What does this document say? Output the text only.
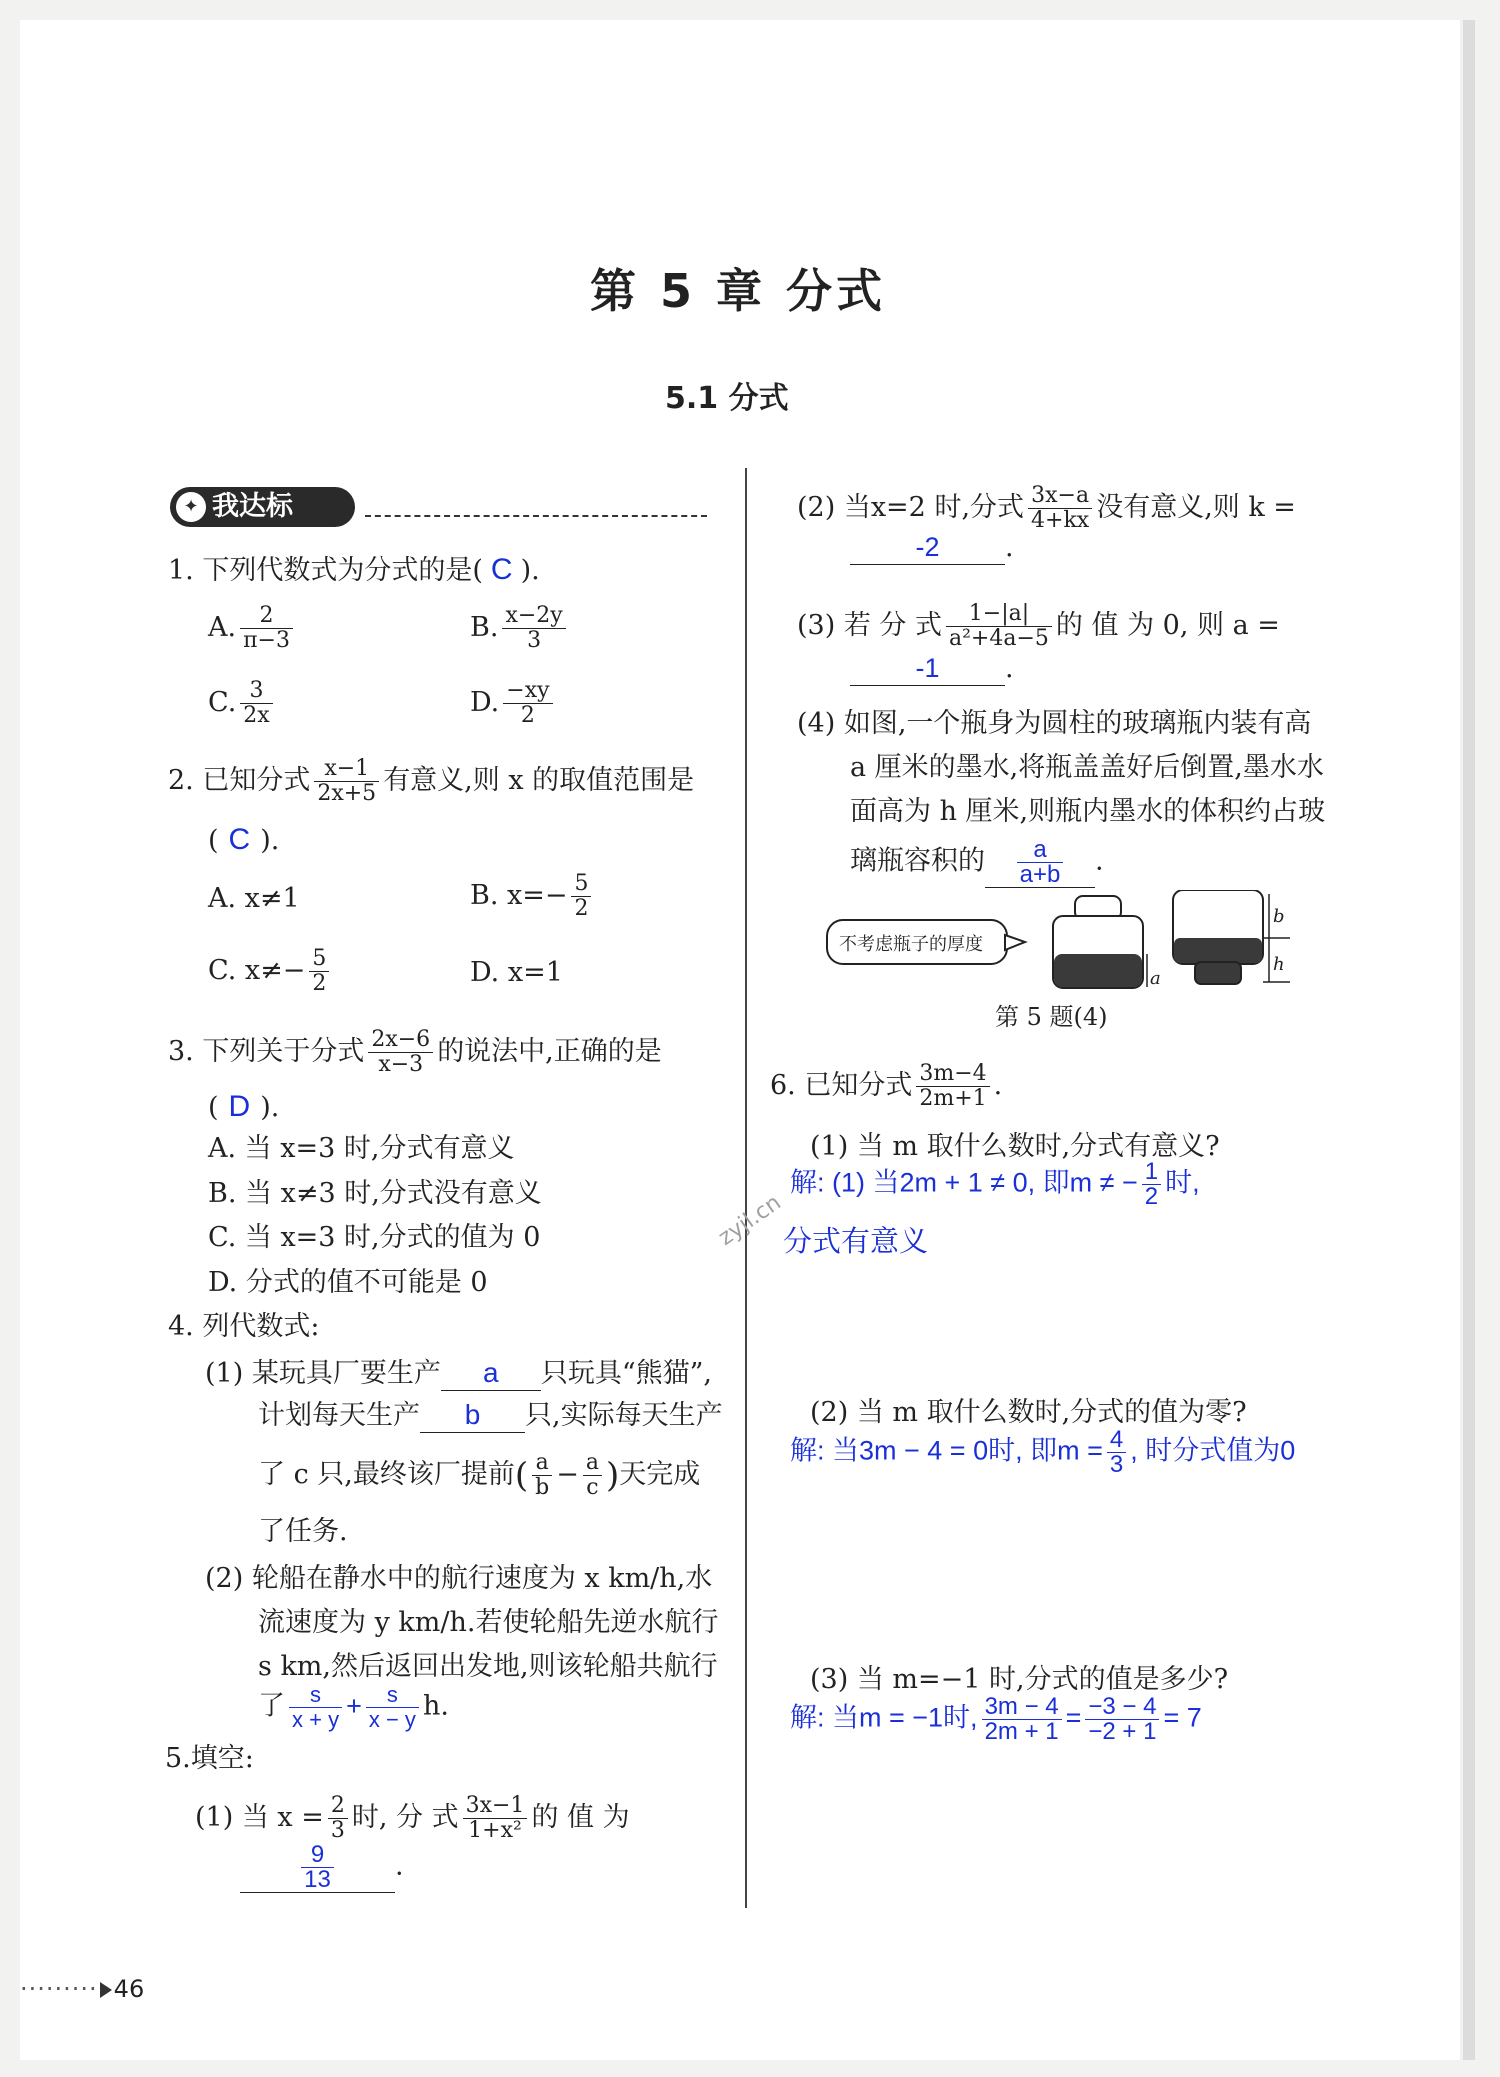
第 5 章 分式
5.1 分式
✦ 我达标
1. 下列代数式为分式的是( C ).
A. $\frac{2}{\pi-3}$	B. $\frac{x-2y}{3}$
C. $\frac{3}{2x}$	D. $\frac{-xy}{2}$
2. 已知分式 $\frac{x-1}{2x+5}$ 有意义,则 x 的取值范围是
( C ).
A. x≠1	B. $x=- \frac{5}{2}$
C. $x\ne- \frac{5}{2}$	D. x=1
3. 下列关于分式 $\frac{2x-6}{x-3}$ 的说法中,正确的是
( D ).
A. 当 x=3 时,分式有意义
B. 当 x≠3 时,分式没有意义
C. 当 x=3 时,分式的值为 0
D. 分式的值不可能是 0
4. 列代数式:
(1) 某玩具厂要生产 a 只玩具“熊猫”,
计划每天生产 b 只,实际每天生产
了 c 只,最终该厂提前( $\frac{a}{b} - \frac{a}{c}$ )天完成
了任务.
(2) 轮船在静水中的航行速度为 x km/h,水
流速度为 y km/h.若使轮船先逆水航行
s km,然后返回出发地,则该轮船共航行
了 $\frac{s}{x + y} + \frac{s}{x - y} h$.
5.填空:
(1) 当 $x = \frac{2}{3}$ 时, 分 式 $\frac{3x-1}{\text{1+x²}}$ 的 值 为
$\frac{9}{13}$ .
(2) 当x=2 时,分式 $\frac{3x-a}{4+kx}$ 没有意义,则 k =
-2 .
(3) 若 分 式 $\frac{1-|a|}{\text{a²+4a−5}}$ 的 值 为 0, 则 a =
-1 .
(4) 如图,一个瓶身为圆柱的玻璃瓶内装有高
a 厘米的墨水,将瓶盖盖好后倒置,墨水水
面高为 h 厘米,则瓶内墨水的体积约占玻
璃瓶容积的 $\frac{a}{a+b}$ .
不考虑瓶子的厚度
a
b
h
第 5 题(4)
6. 已知分式 $\frac{3m-4}{2m+1}$ .
(1) 当 m 取什么数时,分式有意义?
解: (1) 当2m + 1 ≠ 0, 即m ≠ − $\frac{1}{2}$ 时,
分式有意义
(2) 当 m 取什么数时,分式的值为零?
解: 当3m − 4 = 0时, 即$m = \frac{4}{3}$ , 时分式值为0
(3) 当 m=−1 时,分式的值是多少?
解: 当m = −1时, $\frac{3m - 4}{2m + 1} = \frac{-3 - 4}{-2 + 1} = 7$
zyjl.cn
········· 46
